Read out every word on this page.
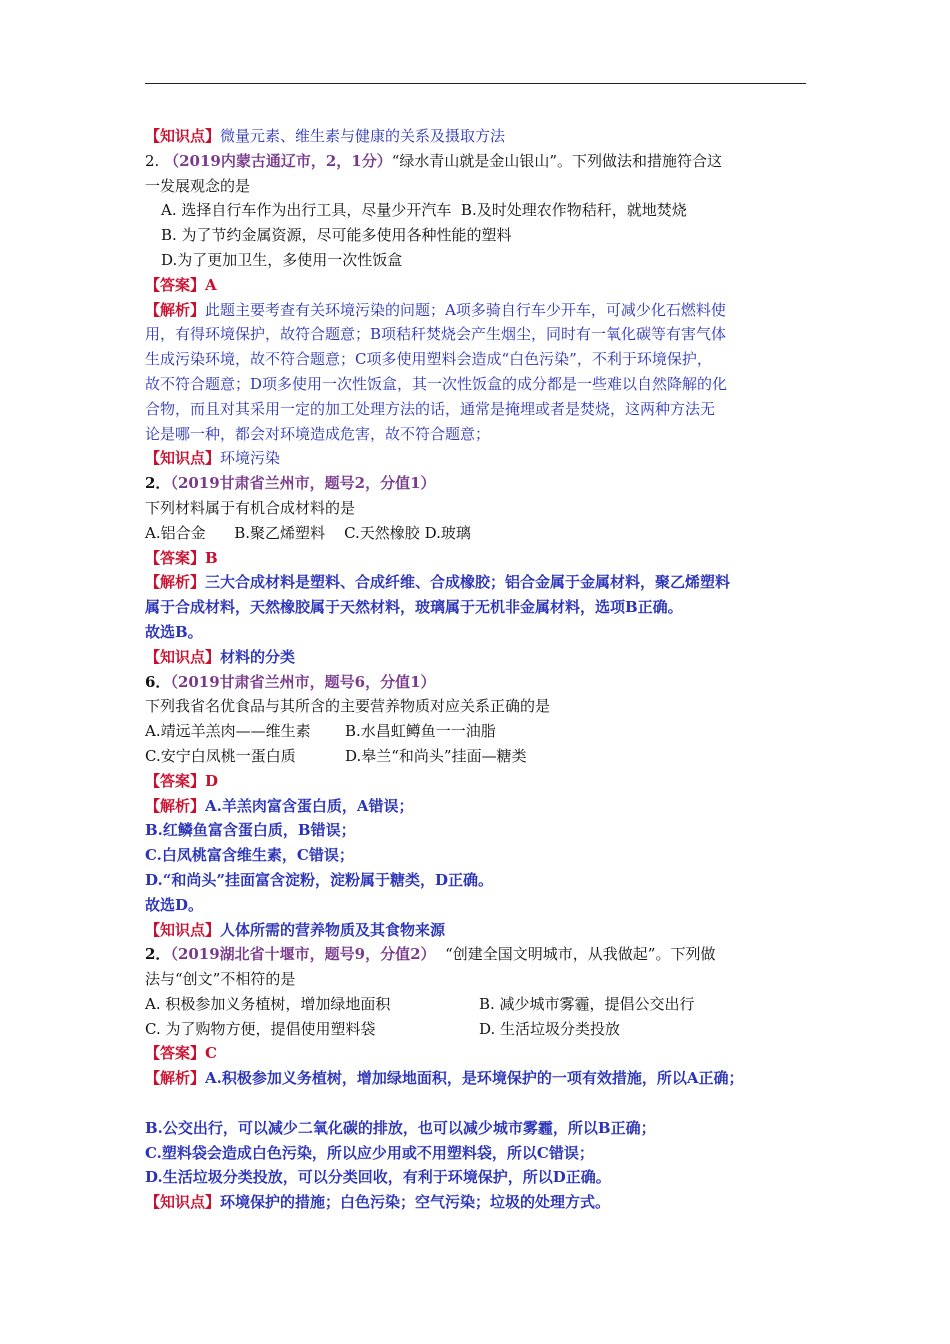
【知识点】微量元素、维生素与健康的关系及摄取方法
2. （2019内蒙古通辽市，2，1分）“绿水青山就是金山银山”。下列做法和措施符合这
一发展观念的是
A. 选择自行车作为出行工具，尽量少开汽车 B.及时处理农作物秸秆，就地焚烧
B. 为了节约金属资源，尽可能多使用各种性能的塑料
D.为了更加卫生，多使用一次性饭盒
【答案】A
【解析】此题主要考查有关环境污染的问题；A项多骑自行车少开车，可减少化石燃料使
用，有得环境保护，故符合题意；B项秸秆焚烧会产生烟尘，同时有一氧化碳等有害气体
生成污染环境，故不符合题意；C项多使用塑料会造成“白色污染”，不利于环境保护，
故不符合题意；D项多使用一次性饭盒，其一次性饭盒的成分都是一些难以自然降解的化
合物，而且对其采用一定的加工处理方法的话，通常是掩埋或者是焚烧，这两种方法无
论是哪一种，都会对环境造成危害，故不符合题意；
【知识点】环境污染
2．（2019甘肃省兰州市，题号2，分值1）
下列材料属于有机合成材料的是
A.铝合金 B.聚乙烯塑料 C.天然橡胶 D.玻璃
【答案】B
【解析】三大合成材料是塑料、合成纤维、合成橡胶；铝合金属于金属材料，聚乙烯塑料
属于合成材料，天然橡胶属于天然材料，玻璃属于无机非金属材料，选项B正确。
故选B。
【知识点】材料的分类
6．（2019甘肃省兰州市，题号6，分值1）
下列我省名优食品与其所含的主要营养物质对应关系正确的是
A.靖远羊羔肉——维生素 B.水昌虹鳟鱼一一油脂
C.安宁白凤桃一蛋白质	D.皋兰“和尚头”挂面—糖类
【答案】D
【解析】A.羊羔肉富含蛋白质，A错误；
B.红鳞鱼富含蛋白质，B错误；
C.白凤桃富含维生素，C错误；
D.“和尚头”挂面富含淀粉，淀粉属于糖类，D正确。
故选D。
【知识点】人体所需的营养物质及其食物来源
2．（2019湖北省十堰市，题号9，分值2） “创建全国文明城市，从我做起”。下列做
法与“创文”不相符的是
A. 积极参加义务植树，增加绿地面积	B. 减少城市雾霾，提倡公交出行
C. 为了购物方便，提倡使用塑料袋	D. 生活垃圾分类投放
【答案】C
【解析】A.积极参加义务植树，增加绿地面积，是环境保护的一项有效措施，所以A正确；
B.公交出行，可以减少二氧化碳的排放，也可以减少城市雾霾，所以B正确；
C.塑料袋会造成白色污染，所以应少用或不用塑料袋，所以C错误；
D.生活垃圾分类投放，可以分类回收，有利于环境保护，所以D正确。
【知识点】环境保护的措施；白色污染；空气污染；垃圾的处理方式。
